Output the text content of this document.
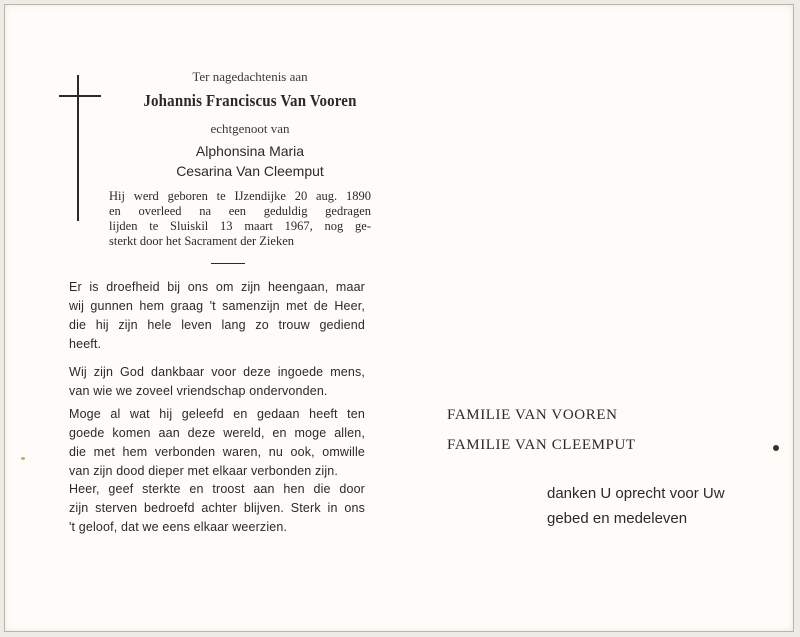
Ter nagedachtenis aan
Johannis Franciscus Van Vooren
echtgenoot van
Alphonsina Maria
Cesarina Van Cleemput
Hij werd geboren te IJzendijke 20 aug. 1890
en overleed na een geduldig gedragen
lijden te Sluiskil 13 maart 1967, nog ge-
sterkt door het Sacrament der Zieken
Er is droefheid bij ons om zijn heengaan, maar
wij gunnen hem graag 't samenzijn met de Heer,
die hij zijn hele leven lang zo trouw gediend
heeft.
Wij zijn God dankbaar voor deze ingoede mens,
van wie we zoveel vriendschap ondervonden.
Moge al wat hij geleefd en gedaan heeft ten
goede komen aan deze wereld, en moge allen,
die met hem verbonden waren, nu ook, omwille
van zijn dood dieper met elkaar verbonden zijn.
Heer, geef sterkte en troost aan hen die door
zijn sterven bedroefd achter blijven. Sterk in ons
't geloof, dat we eens elkaar weerzien.
FAMILIE VAN VOOREN
FAMILIE VAN CLEEMPUT
danken U oprecht voor Uw
gebed en medeleven
